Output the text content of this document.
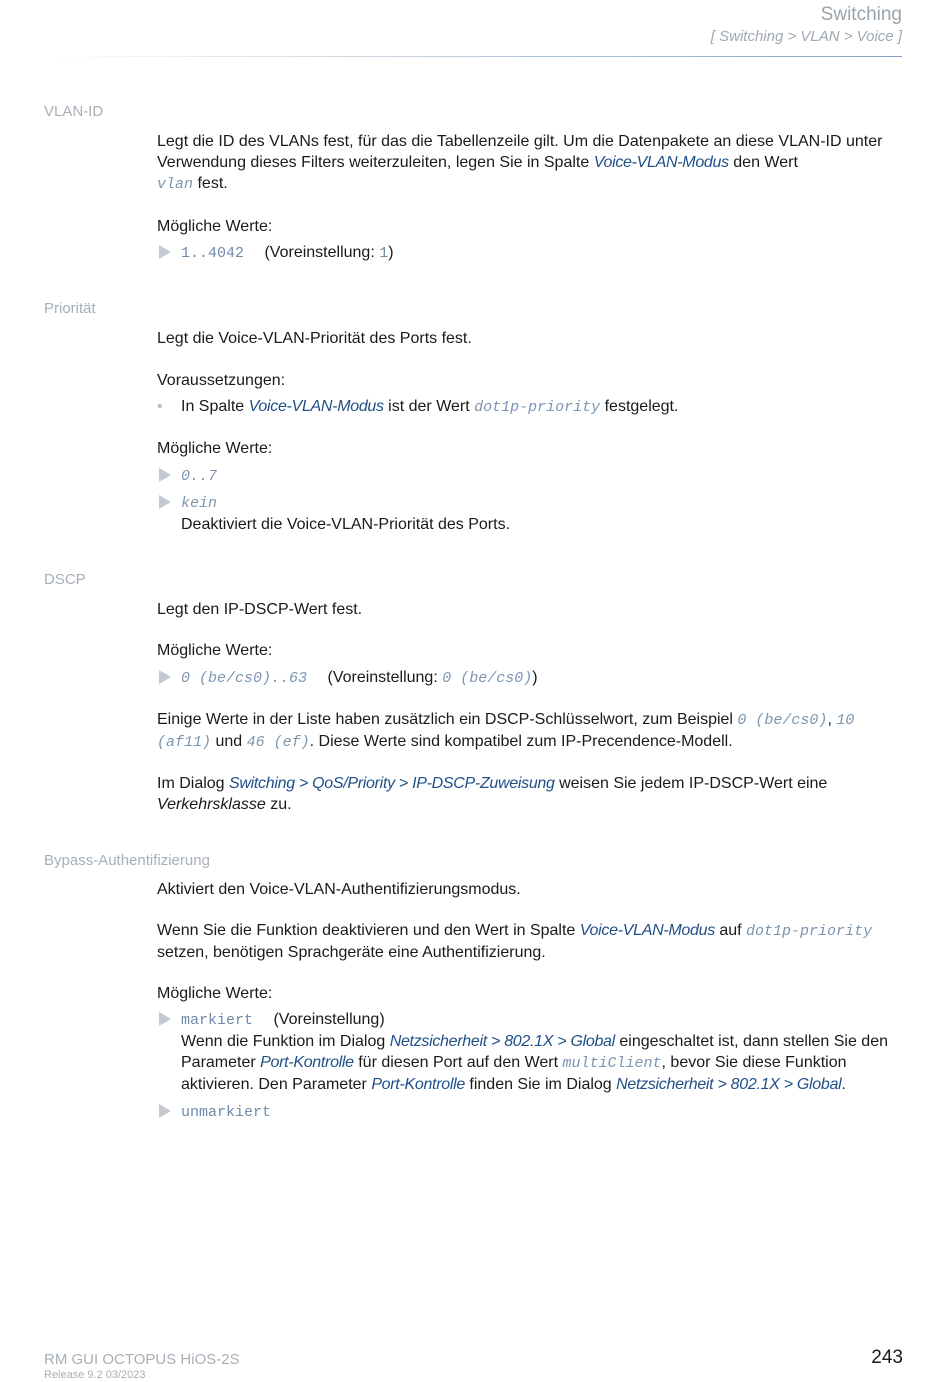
Switching
[ Switching > VLAN > Voice ]
VLAN-ID

Legt die ID des VLANs fest, für das die Tabellenzeile gilt. Um die Datenpakete an diese VLAN-ID unter Verwendung dieses Filters weiterzuleiten, legen Sie in Spalte Voice-VLAN-Modus den Wert
vlan fest.

Mögliche Werte:

1..4042 (Voreinstellung: 1)
Priorität

Legt die Voice-VLAN-Priorität des Ports fest.

Voraussetzungen:

• In Spalte Voice-VLAN-Modus ist der Wert dot1p-priority festgelegt.

Mögliche Werte:

0..7
kein
Deaktiviert die Voice-VLAN-Priorität des Ports.
DSCP

Legt den IP-DSCP-Wert fest.

Mögliche Werte:

0 (be/cs0)..63 (Voreinstellung: 0 (be/cs0))

Einige Werte in der Liste haben zusätzlich ein DSCP-Schlüsselwort, zum Beispiel 0 (be/cs0), 10 (af11) und 46 (ef). Diese Werte sind kompatibel zum IP-Precendence-Modell.

Im Dialog Switching > QoS/Priority > IP-DSCP-Zuweisung weisen Sie jedem IP-DSCP-Wert eine Verkehrsklasse zu.

Bypass-Authentifizierung

Aktiviert den Voice-VLAN-Authentifizierungsmodus.

Wenn Sie die Funktion deaktivieren und den Wert in Spalte Voice-VLAN-Modus auf dot1p-priority setzen, benötigen Sprachgeräte eine Authentifizierung.

Mögliche Werte:

markiert (Voreinstellung)
Wenn die Funktion im Dialog Netzsicherheit > 802.1X > Global eingeschaltet ist, dann stellen Sie den Parameter Port-Kontrolle für diesen Port auf den Wert multiClient, bevor Sie diese Funktion aktivieren. Den Parameter Port-Kontrolle finden Sie im Dialog Netzsicherheit > 802.1X > Global.
unmarkiert
RM GUI OCTOPUS HiOS-2S
Release 9.2 03/2023
243
